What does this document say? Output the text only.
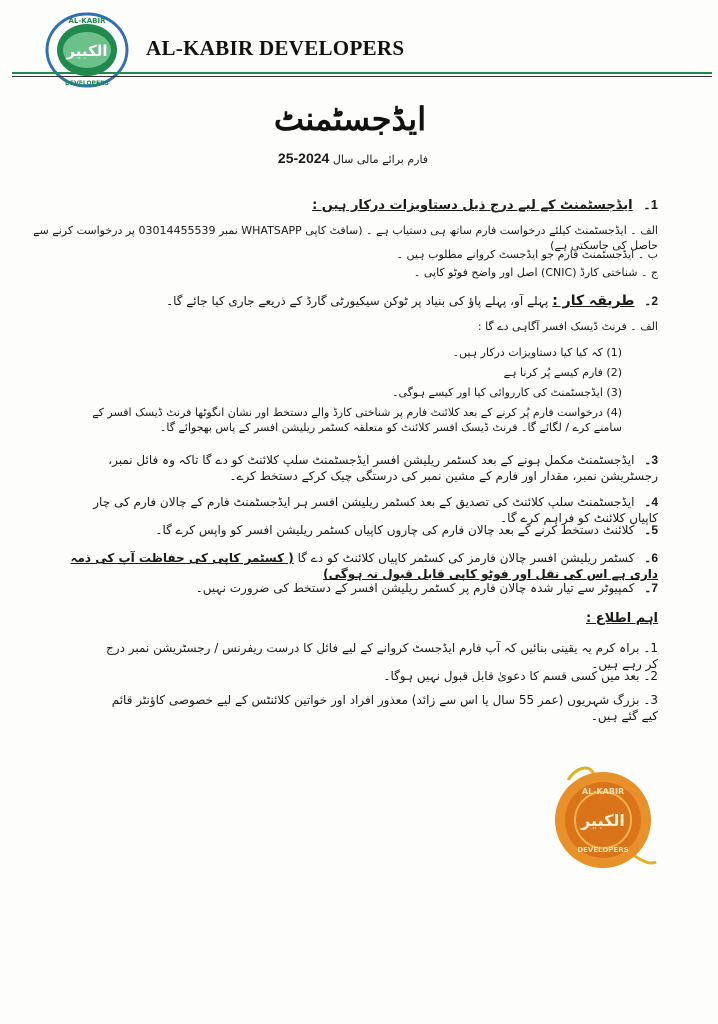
AL-KABIR
الکبیر
DEVELOPERS
AL-KABIR DEVELOPERS
ایڈجسٹمنٹ
فارم برائے مالی سال 2024-25
1۔ ایڈجسٹمنٹ کے لیے درج ذیل دستاویزات درکار ہیں :
الف ۔ ایڈجسٹمنٹ کیلئے درخواست فارم ساتھ ہی دستیاب ہے ۔ (سافٹ کاپی WHATSAPP نمبر 03014455539 پر درخواست کرنے سے حاصل کی جاسکتی ہے)
ب ۔ ایڈجسٹمنٹ فارم جو ایڈجسٹ کروانے مطلوب ہیں ۔
ج ۔ شناختی کارڈ (CNIC) اصل اور واضح فوٹو کاپی ۔
2۔ طریقہ کار : پہلے آو، پہلے پاؤ کی بنیاد پر ٹوکن سیکیورٹی گارڈ کے ذریعے جاری کیا جائے گا۔
الف ۔ فرنٹ ڈیسک افسر آگاہی دے گا :
(1) کہ کیا کیا دستاویزات درکار ہیں۔
(2) فارم کیسے پُر کرنا ہے
(3) ایڈجسٹمنٹ کی کارروائی کیا اور کیسے ہوگی۔
(4) درخواست فارم پُر کرنے کے بعد کلائنٹ فارم پر شناختی کارڈ والے دستخط اور نشان انگوٹھا فرنٹ ڈیسک افسر کے سامنے کرے / لگائے گا۔ فرنٹ ڈیسک افسر کلائنٹ کو متعلقہ کسٹمر ریلیشن افسر کے پاس بھجوائے گا۔
3۔ ایڈجسٹمنٹ مکمل ہونے کے بعد کسٹمر ریلیشن افسر ایڈجسٹمنٹ سلپ کلائنٹ کو دے گا تاکہ وہ فائل نمبر، رجسٹریشن نمبر، مقدار اور فارم کے مشین نمبر کی درستگی چیک کرکے دستخط کرے۔
4۔ ایڈجسٹمنٹ سلپ کلائنٹ کی تصدیق کے بعد کسٹمر ریلیشن افسر ہر ایڈجسٹمنٹ فارم کے چالان فارم کی چار کاپیاں کلائنٹ کو فراہم کرے گا۔
5۔ کلائنٹ دستخط کرنے کے بعد چالان فارم کی چاروں کاپیاں کسٹمر ریلیشن افسر کو واپس کرے گا۔
6۔ کسٹمر ریلیشن افسر چالان فارمز کی کسٹمر کاپیاں کلائنٹ کو دے گا ( کسٹمر کاپی کی حفاظت آپ کی ذمہ داری ہے اس کی نقل اور فوٹو کاپی قابل قبول نہ ہوگی)
7۔ کمپیوٹر سے تیار شدہ چالان فارم پر کسٹمر ریلیشن افسر کے دستخط کی ضرورت نہیں۔
اہم اطلاع :
1۔ براہ کرم یہ یقینی بنائیں کہ آپ فارم ایڈجسٹ کروانے کے لیے فائل کا درست ریفرنس / رجسٹریشن نمبر درج کر رہے ہیں۔
2۔ بعد میں کسی قسم کا دعویٰ قابل قبول نہیں ہوگا۔
3۔ بزرگ شہریوں (عمر 55 سال یا اس سے زائد) معذور افراد اور خواتین کلائنٹس کے لیے خصوصی کاؤنٹر قائم کیے گئے ہیں۔
AL-KABIR
الکبیر
DEVELOPERS
